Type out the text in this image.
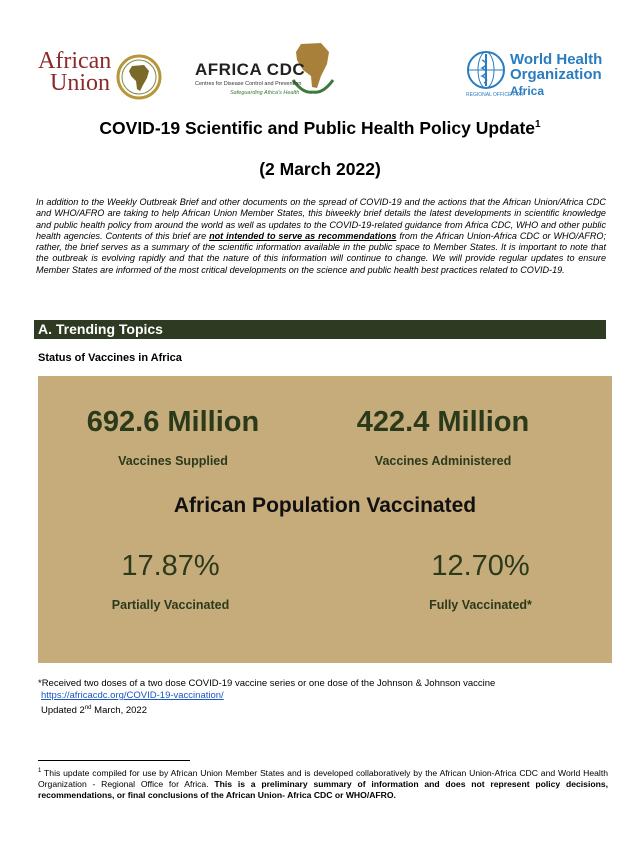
African
Union
AFRICA CDC
Centres for Disease Control and Prevention
Safeguarding Africa's Health
World Health
Organization
REGIONAL OFFICE FOR
Africa
COVID-19 Scientific and Public Health Policy Update$^1$
(2 March 2022)
In addition to the Weekly Outbreak Brief and other documents on the spread of COVID-19 and the actions that the African Union/Africa CDC and WHO/AFRO are taking to help African Union Member States, this biweekly brief details the latest developments in scientific knowledge and public health policy from around the world as well as updates to the COVID-19-related guidance from Africa CDC, WHO and other public health agencies. Contents of this brief are not intended to serve as recommendations from the African Union-Africa CDC or WHO/AFRO; rather, the brief serves as a summary of the scientific information available in the public space to Member States. It is important to note that the outbreak is evolving rapidly and that the nature of this information will continue to change. We will provide regular updates to ensure Member States are informed of the most critical developments on the science and public health best practices related to COVID-19.
A. Trending Topics
Status of Vaccines in Africa
692.6 Million
Vaccines Supplied
422.4 Million
Vaccines Administered
African Population Vaccinated
17.87%
Partially Vaccinated
12.70%
Fully Vaccinated*
*Received two doses of a two dose COVID-19 vaccine series or one dose of the Johnson & Johnson vaccine
https://africacdc.org/COVID-19-vaccination/
Updated 2nd March, 2022
$^1$ This update compiled for use by African Union Member States and is developed collaboratively by the African Union-Africa CDC and World Health Organization - Regional Office for Africa. This is a preliminary summary of information and does not represent policy decisions, recommendations, or final conclusions of the African Union- Africa CDC or WHO/AFRO.
